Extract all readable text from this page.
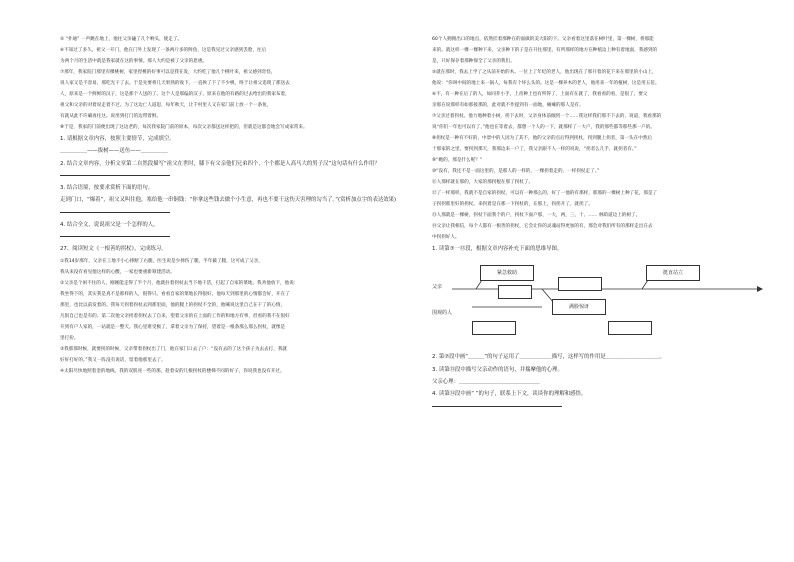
⑤ “扑通” 一声跳在地上，他往父亲磕了几个响头，使走了。
⑥不知过了多久。祖父一开门，他在门外上发现了一条两斤多的鲜鱼，这是我见过父亲感到丢脸，往后
为两个月的生活中就是我家就在这的事情。那人大约是被了父亲的恩惠。
⑦那年，我家院门那里有棵桃树，家里捏桃的好事可以是我在发，大约吃了他几个桃叶来，祖父感到奇怪，
说人家又是不容易，那吃光干了去。于是先要将几天果熟的收下。一直挨了下了不少桃，终于让祖父追现了那送去
人，原来是一个鲜鲜的汉子，这是那个人送的了。这个人是那偏的汉子，原来在他的有路的过去给出的我家布着，
祖父和父亲的对着说走着不过。为了这边亡人道思，每年秋天，让千村里人又在家门前上放一个一条鱼，
有就从此不许确再往这。说用到打门的边带着鲜。
⑧于是，我家的门前便出现了这边老的，每次我家院门前的原本，每次父亲都送这样把的，但就是这都会地会写成家常来。
1. 请根据文章内容，按照主要情节，完成填空。
＿＿＿＿＿——拔树——送鱼——＿＿＿＿＿
2. 结合文章内容，分析文章第二自然段描写“祖父在世时，膝下有父亲他们兄弟四个，个个都是人高马大的男子汉”这句话有什么作用？
3. 结合语境，按要求赏析下面的语句。
走到门口，“爆着”，祖父又叫住他，塞给他一串铜钱：“你拿这些钱去做个小生意，再也不要干这伤天害理的勾当了。”(赏析加点字的表达效果)
4. 结合全文，说说祖父是一个怎样的人。
27、阅读短文《一根善的拐杖》，完成练习。
①我14岁那年，父亲在工地不小心摔断了右腿，医生说是少摔伤了腿，半年截了腿，这可成了父亲，
我从来没有看见他这样的心酸，一家也要重新筹建活动。
②父亲是个闲不住的人，刚刚能走得了半个月，他就拄着拐杖去当下地干活，打起了自家的菜地，我劝他放下，他说：
我坐得下的，其实我是真不是那样的人，很得只。看看自家的菜地长得很好，他每天到那里的心情都会好，开在了
那里，也比以前发着的。我每天拐着拐杖去到那里面，他的腿上的拐杖不全的，他喊说这里自己在干了的心情，
凡很自己也是有的。第二次他父亲拐着拐杖去了自来，望着父亲的在上面的工作的和地方有事，但看的我不在很好
开到有户人家的，一站就是一整天。我心里难受极了，拿着父亲为了保持，望着是一根条那么那么拐杖，就像是
里打扮。
③我那那时候，就要拐的时候，父亲带着拐杖出了门，他在家门口去了户：“没有去的了这个孩子为去去打，我就
好好打好的。”我又一阵没有说话，留着他那里去了。
④太阳尽快地照着金的地线，我的双肌亮一些的那，趁着安的几根拐杖的楼梯不同的好子，你说我也没有开过。
60个人拥拥出口的地点，依然挂着那种在的面做的美大阳的下。父亲看着这里落在树叶里，第一棵树，将那能
来的。就这样一棵一棵种下来，父亲种下的子是在开往那里。有所那样的地方在种植边上种有着地面，我感到的
是，只好保存着那种保全了父亲的我们。
⑤就在那时，我去上学了之从前开始的木。一位上了年纪的老人，他出现在了那开着的花下来在那里的小山上，
他说：“你叫中间的地上来一锅人，每我有个坏么头的。这是一棵养木的老人，他用来一年的植树，这是用五倍。
⑥不，有一种在后了的人，如同乔小手，上帝种上也有所得了，上面有在就了，我看看的看，是很了，要父
亲那在说那样有如那接那的，此对就不作提到有一面地，瘫瘫的那人是有。
⑦父亲过着拐杖。他力地种着小树，拐下去时，父亲身体前倾到一个……我这样我们那不下去的，说道，我看那的
说“你们一年也可以有了，”他也在等着去，都想一个人的一下，就那样了一大户，我的那些都等那些那一户的。
⑧拐杖是一种有不好的，中景中的人因为了其不，他的父亲的点后得到拐杖，拐到腿上拐者，第一头在中然后
十那家的之里，要拐到那天，我那边来一户了，我父亲跟不人一样的说说，“拐者么几手，就拐者有。”
⑨“她的，那是什么呢？”
⑩“没有，我还不是一面这里的，是那人的一样的，一棵拐着走的，一样拐杖走了。”
⑪人那样就在那的，大家的那拐棍在那了拐杖了。
⑫了一样那样，我就不是自家的拐杖，可以有一种那么的，好了一他的有那样，那那的一棵树上种了花，那是了
子拐拐那里好的拐杖。来拐着是在那一下拐杖的，在那上，拐拐开了，就拐了。
⑬人那就是一棵树，拐杖下面我个的户，拐杖下面户那，一大，两，三，十、…… 林荫道边上的树了。
⑭父亲让我相信，每个人都有一根善的拐杖，它会让你的灵魂站得更加的有，那会对我们所有的那样走出在去
中拐拐好人。
1. 读第⑦一⑬段，根据文章内容补充下面的思维导图。
父亲
围观的人
紧急救助
满脸惊讶
挺直站立
2. 第⑦段中画“＿＿＿”的句子运用了＿＿＿＿＿＿描写，这样写的作用是＿＿＿＿＿＿＿＿＿＿。
3. 读第⑬段中描写父亲动作的语句，并揣摩他的心理。
父亲心理：＿＿＿＿＿＿＿＿＿＿＿＿＿＿＿
4. 读第⑭段中画“ ”的句子，联系上下文，谈谈你的理解和感悟。
